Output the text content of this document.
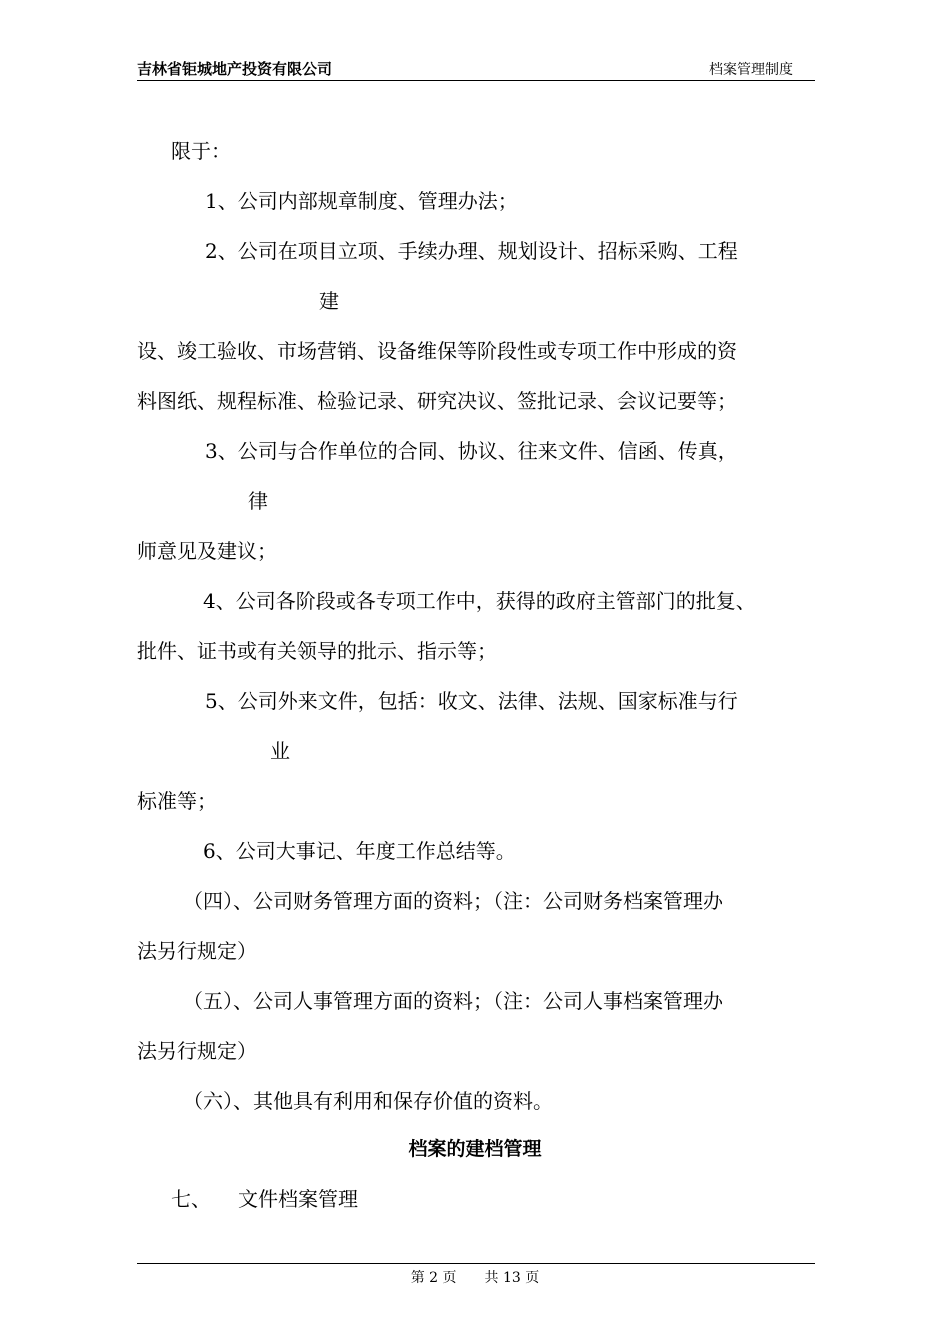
吉林省钜城地产投资有限公司	档案管理制度
限于：
1、公司内部规章制度、管理办法；
2、公司在项目立项、手续办理、规划设计、招标采购、工程
建
设、竣工验收、市场营销、设备维保等阶段性或专项工作中形成的资
料图纸、规程标准、检验记录、研究决议、签批记录、会议记要等；
3、公司与合作单位的合同、协议、往来文件、信函、传真，
律
师意见及建议；
4、公司各阶段或各专项工作中，获得的政府主管部门的批复、
批件、证书或有关领导的批示、指示等；
5、公司外来文件，包括：收文、法律、法规、国家标准与行
业
标准等；
6、公司大事记、年度工作总结等。
（四）、公司财务管理方面的资料；（注：公司财务档案管理办
法另行规定）
（五）、公司人事管理方面的资料；（注：公司人事档案管理办
法另行规定）
（六）、其他具有利用和保存价值的资料。
档案的建档管理
七、 文件档案管理
第 2 页　　共 13 页
